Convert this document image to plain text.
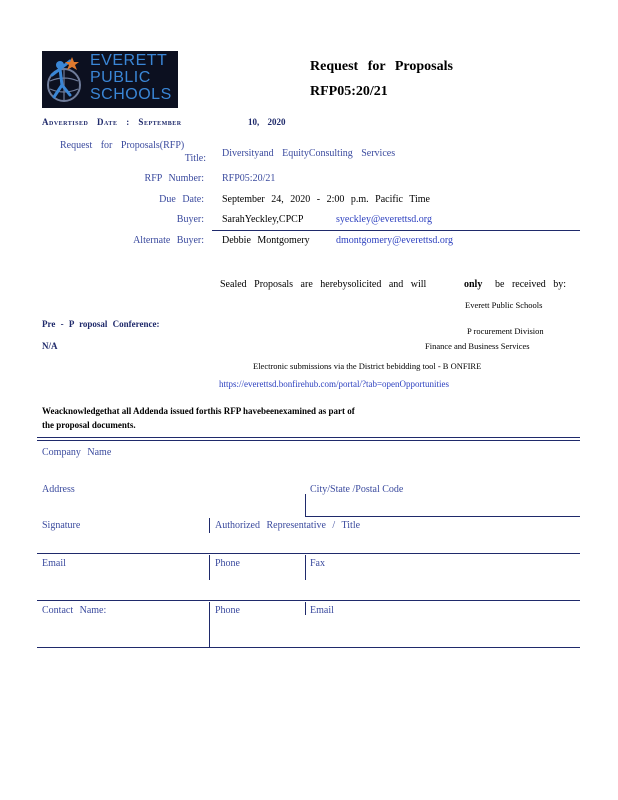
EVERETT
PUBLIC
SCHOOLS
Request for Proposals
RFP05:20/21
Advertised Date : September	10, 2020
Request for Proposals(RFP)
Title: Diversityand EquityConsulting Services
RFP Number: RFP05:20/21
Due Date: September 24, 2020 - 2:00 p.m. Pacific Time
Buyer: SarahYeckley,CPCP	syeckley@everettsd.org
Alternate Buyer: Debbie Montgomery	dmontgomery@everettsd.org
Sealed Proposals are herebysolicited and will	only be received by:
Everett Public Schools
Pre - P roposal Conference:
N/A
P rocurement Division
Finance and Business Services
Electronic submissions via the District bebidding tool - B ONFIRE
https://everettsd.bonfirehub.com/portal/?tab=openOpportunities
Weacknowledgethat all Addenda issued forthis RFP havebeenexamined as part of
the proposal documents.
Company Name
Address	City/State /Postal Code
Signature	Authorized Representative / Title
Email	Phone	Fax
Contact Name:	Phone	Email
